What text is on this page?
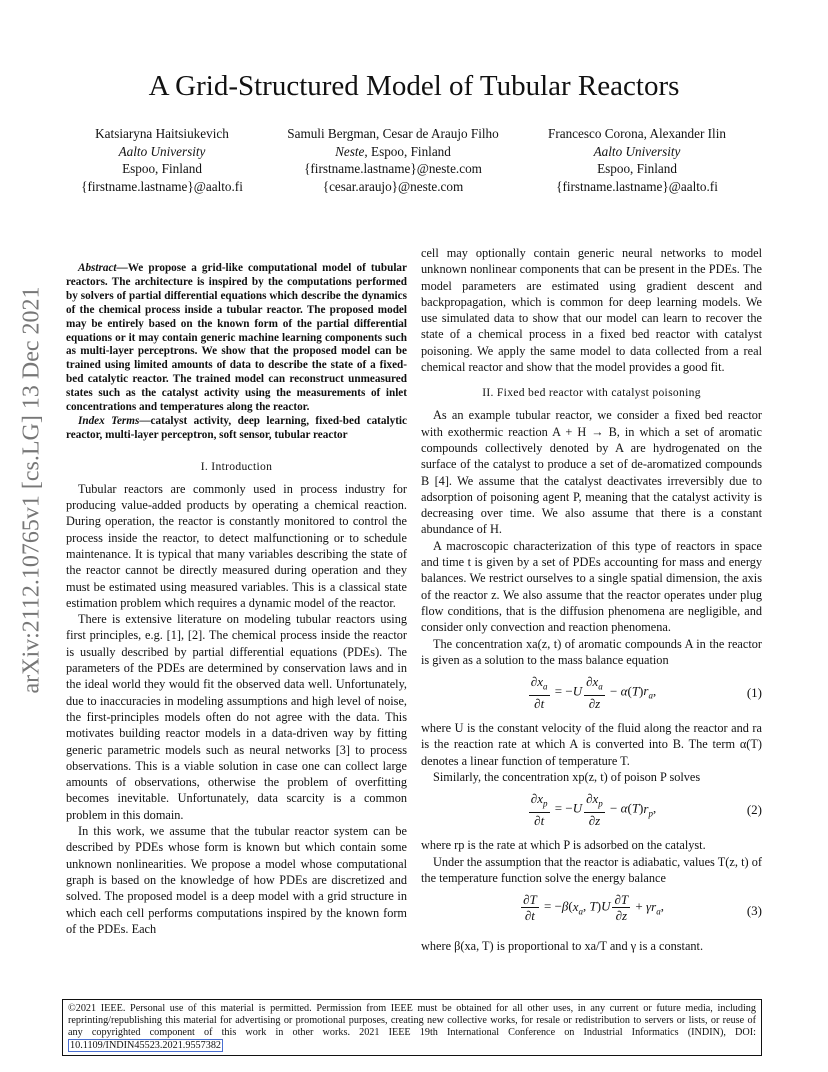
A Grid-Structured Model of Tubular Reactors
Katsiaryna Haitsiukevich
Aalto University
Espoo, Finland
{firstname.lastname}@aalto.fi
Samuli Bergman, Cesar de Araujo Filho
Neste, Espoo, Finland
{firstname.lastname}@neste.com
{cesar.araujo}@neste.com
Francesco Corona, Alexander Ilin
Aalto University
Espoo, Finland
{firstname.lastname}@aalto.fi
arXiv:2112.10765v1 [cs.LG] 13 Dec 2021

Abstract—We propose a grid-like computational model of tubular reactors. The architecture is inspired by the computations performed by solvers of partial differential equations which describe the dynamics of the chemical process inside a tubular reactor. The proposed model may be entirely based on the known form of the partial differential equations or it may contain generic machine learning components such as multi-layer perceptrons. We show that the proposed model can be trained using limited amounts of data to describe the state of a fixed-bed catalytic reactor. The trained model can reconstruct unmeasured states such as the catalyst activity using the measurements of inlet concentrations and temperatures along the reactor.

Index Terms—catalyst activity, deep learning, fixed-bed catalytic reactor, multi-layer perceptron, soft sensor, tubular reactor

I. Introduction

Tubular reactors are commonly used in process industry for producing value-added products by operating a chemical reaction. During operation, the reactor is constantly monitored to control the process inside the reactor, to detect malfunctioning or to schedule maintenance. It is typical that many variables describing the state of the reactor cannot be directly measured during operation and they must be estimated using measured variables. This is a classical state estimation problem which requires a dynamic model of the reactor.

There is extensive literature on modeling tubular reactors using first principles, e.g. [1], [2]. The chemical process inside the reactor is usually described by partial differential equations (PDEs). The parameters of the PDEs are determined by conservation laws and in the ideal world they would fit the observed data well. Unfortunately, due to inaccuracies in modeling assumptions and high level of noise, the first-principles models often do not agree with the data. This motivates building reactor models in a data-driven way by fitting generic parametric models such as neural networks [3] to process observations. This is a viable solution in case one can collect large amounts of observations, otherwise the problem of overfitting becomes inevitable. Unfortunately, data scarcity is a common problem in this domain.

In this work, we assume that the tubular reactor system can be described by PDEs whose form is known but which contain some unknown nonlinearities. We propose a model whose computational graph is based on the knowledge of how PDEs are discretized and solved. The proposed model is a deep model with a grid structure in which each cell performs computations inspired by the known form of the PDEs. Each

cell may optionally contain generic neural networks to model unknown nonlinear components that can be present in the PDEs. The model parameters are estimated using gradient descent and backpropagation, which is common for deep learning models. We use simulated data to show that our model can learn to recover the state of a chemical process in a fixed bed reactor with catalyst poisoning. We apply the same model to data collected from a real chemical reactor and show that the model provides a good fit.

II. Fixed bed reactor with catalyst poisoning

As an example tubular reactor, we consider a fixed bed reactor with exothermic reaction A + H → B, in which a set of aromatic compounds collectively denoted by A are hydrogenated on the surface of the catalyst to produce a set of de-aromatized compounds B [4]. We assume that the catalyst deactivates irreversibly due to adsorption of poisoning agent P, meaning that the catalyst activity is decreasing over time. We also assume that there is a constant abundance of H.

A macroscopic characterization of this type of reactors in space and time t is given by a set of PDEs accounting for mass and energy balances. We restrict ourselves to a single spatial dimension, the axis of the reactor z. We also assume that the reactor operates under plug flow conditions, that is the diffusion phenomena are negligible, and consider only convection and reaction phenomena.

The concentration xa(z, t) of aromatic compounds A in the reactor is given as a solution to the mass balance equation

$\frac{\partial x_a}{\partial t} = -U \frac{\partial x_a}{\partial z} - \alpha(T)r_a$,	(1)

where U is the constant velocity of the fluid along the reactor and ra is the reaction rate at which A is converted into B. The term α(T) denotes a linear function of temperature T.

Similarly, the concentration xp(z, t) of poison P solves

$\frac{\partial x_p}{\partial t} = -U \frac{\partial x_p}{\partial z} - \alpha(T)r_p$,	(2)

where rp is the rate at which P is adsorbed on the catalyst.

Under the assumption that the reactor is adiabatic, values T(z, t) of the temperature function solve the energy balance

$\frac{\partial T}{\partial t} = -\beta(x_a$, $T)U \frac{\partial T}{\partial z} + \gamma r_a$,	(3)

where β(xa, T) is proportional to xa/T and γ is a constant.

©2021 IEEE. Personal use of this material is permitted. Permission from IEEE must be obtained for all other uses, in any current or future media, including reprinting/republishing this material for advertising or promotional purposes, creating new collective works, for resale or redistribution to servers or lists, or reuse of any copyrighted component of this work in other works. 2021 IEEE 19th International Conference on Industrial Informatics (INDIN), DOI: 10.1109/INDIN45523.2021.9557382
